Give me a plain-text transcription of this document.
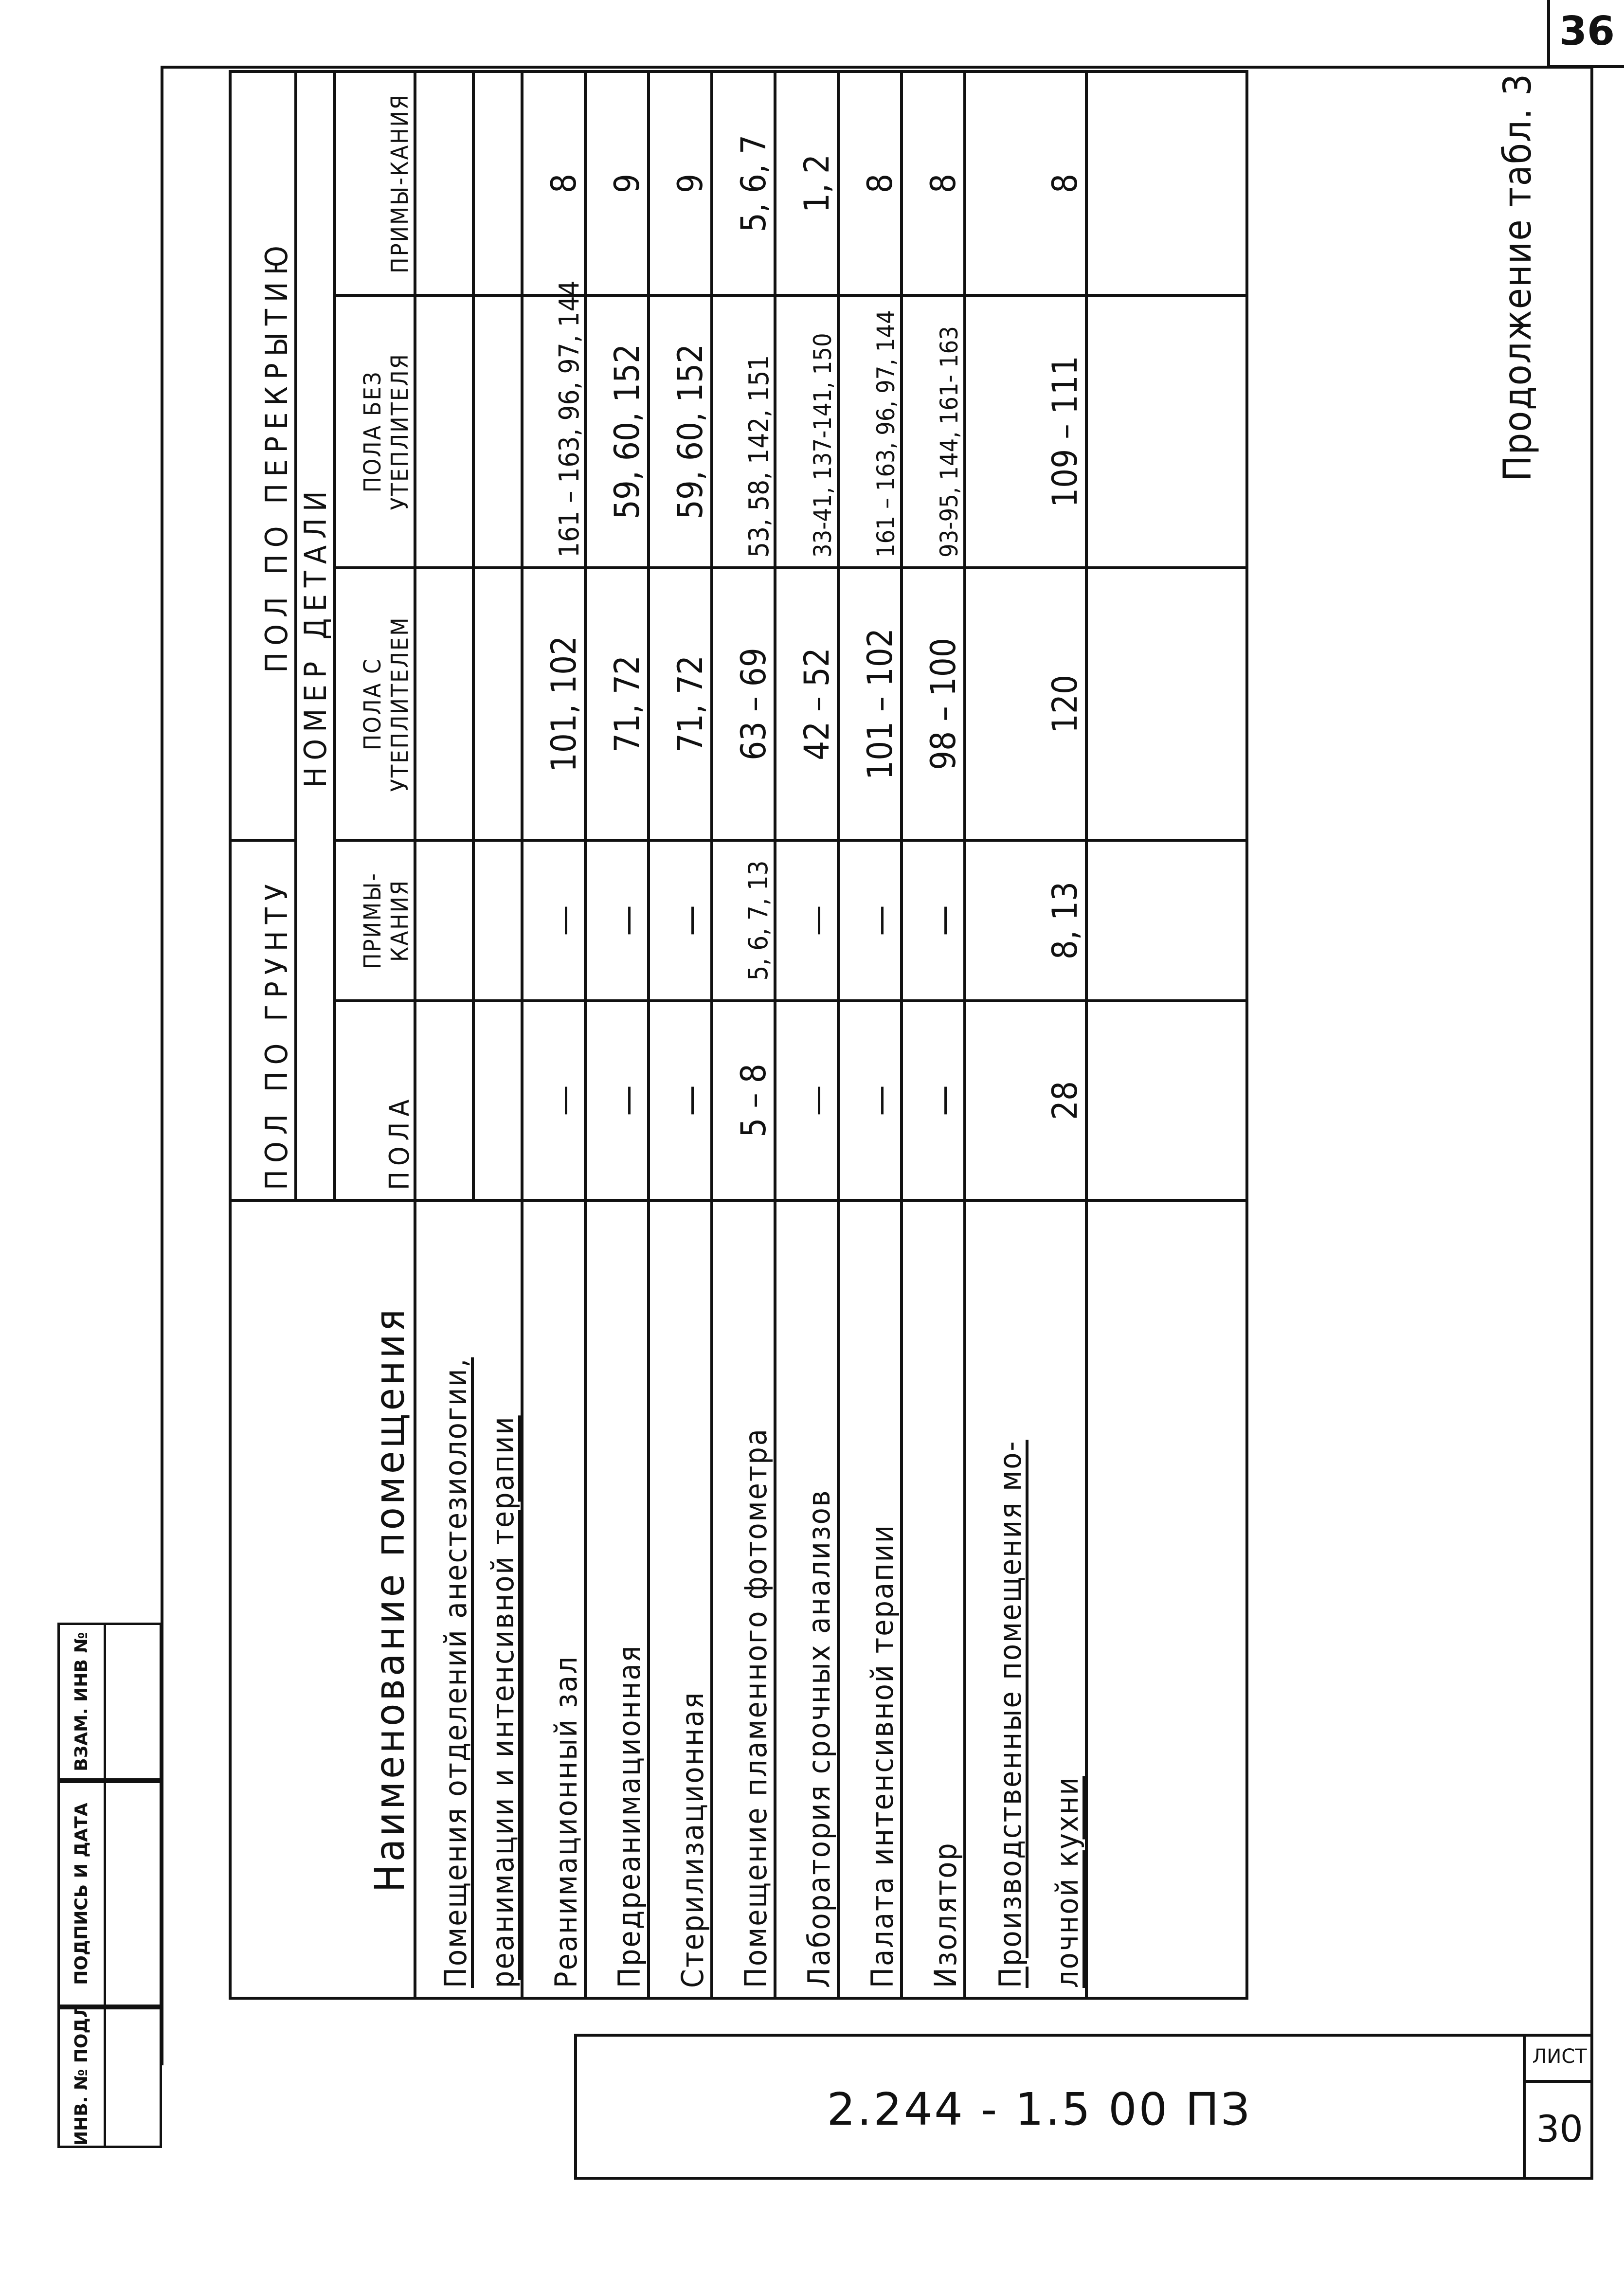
36
ИНВ. № ПОДЛ
ПОДПИСЬ И ДАТА
ВЗАМ. ИНВ №
2.244 - 1.5 00 ПЗ
ЛИСТ
30
Продолжение табл. 3
Наименование помещения	ПОЛ ПО ГРУНТУ		ПОЛ ПО ПЕРЕКРЫТИЮ		
	НОМЕР ДЕТАЛИ				
	ПОЛА	ПРИМЫ-КАНИЯ	ПОЛА С УТЕПЛИТЕЛЕМ	ПОЛА БЕЗ УТЕПЛИТЕЛЯ	ПРИМЫ-КАНИЯ
Помещения отделений анестезиологии,					
реанимации и интенсивной терапии					
Реанимационный зал	—	—	101, 102	161 – 163, 96, 97, 144	8
Предреанимационная	—	—	71, 72	59, 60, 152	9
Стерилизационная	—	—	71, 72	59, 60, 152	9
Помещение пламенного фотометра	5 – 8	5, 6, 7, 13	63 – 69	53, 58, 142, 151	5, 6, 7
Лаборатория срочных анализов	—	—	42 – 52	33-41, 137-141, 150	1, 2
Палата интенсивной терапии	—	—	101 – 102	161 – 163, 96, 97, 144	8
Изолятор	—	—	98 – 100	93-95, 144, 161- 163	8
Производственные помещения мо-	28	8, 13	120	109 – 111	8
лочной кухни					
